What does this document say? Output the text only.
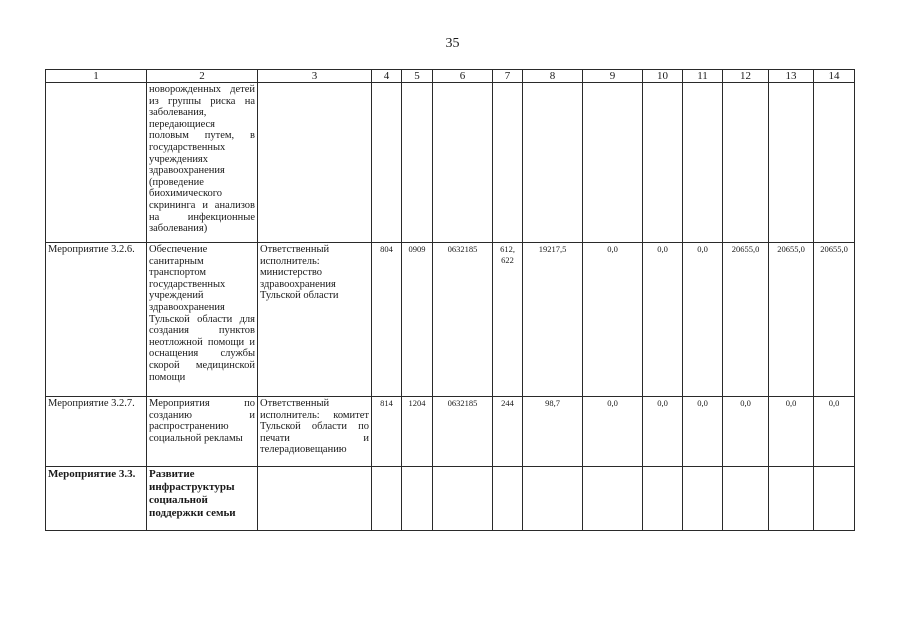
35
1	2	3	4	5	6	7	8	9	10	11	12	13	14
	новорожденных детей из группы риска на заболевания, передающиеся половым путем, в государственных учреждениях здравоохранения (проведение биохимического скрининга и анализов на инфекционные заболевания)												
Мероприятие 3.2.6.	Обеспечение санитарным транспортом государственных учреждений здравоохранения Тульской области для создания пунктов неотложной помощи и оснащения службы скорой медицинской помощи	Ответственный исполнитель: министерство здравоохранения Тульской области	804	0909	0632185	612, 622	19217,5	0,0	0,0	0,0	20655,0	20655,0	20655,0
Мероприятие 3.2.7.	Мероприятия по созданию и распространению социальной рекламы	Ответственный исполнитель: комитет Тульской области по печати и телерадиовещанию	814	1204	0632185	244	98,7	0,0	0,0	0,0	0,0	0,0	0,0
Мероприятие 3.3.	Развитие инфраструктуры социальной поддержки семьи												
